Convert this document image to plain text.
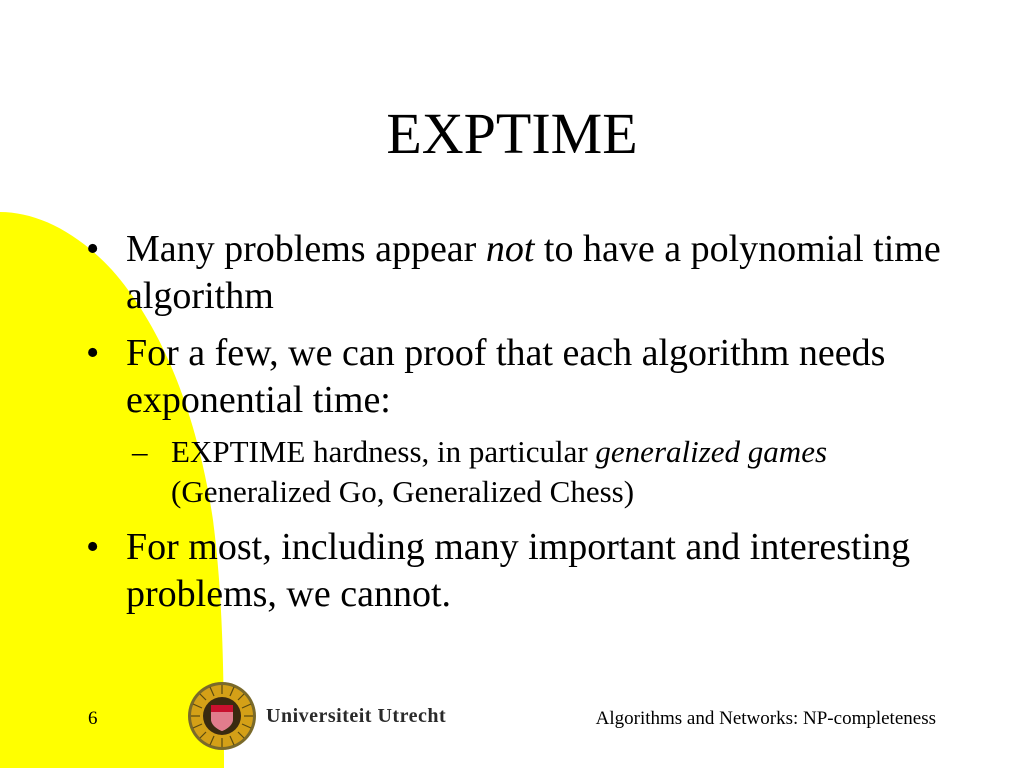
EXPTIME
• Many problems appear not to have a polynomial time algorithm
• For a few, we can proof that each algorithm needs exponential time:
– EXPTIME hardness, in particular generalized games (Generalized Go, Generalized Chess)
• For most, including many important and interesting problems, we cannot.
6	Universiteit Utrecht	Algorithms and Networks: NP-completeness
